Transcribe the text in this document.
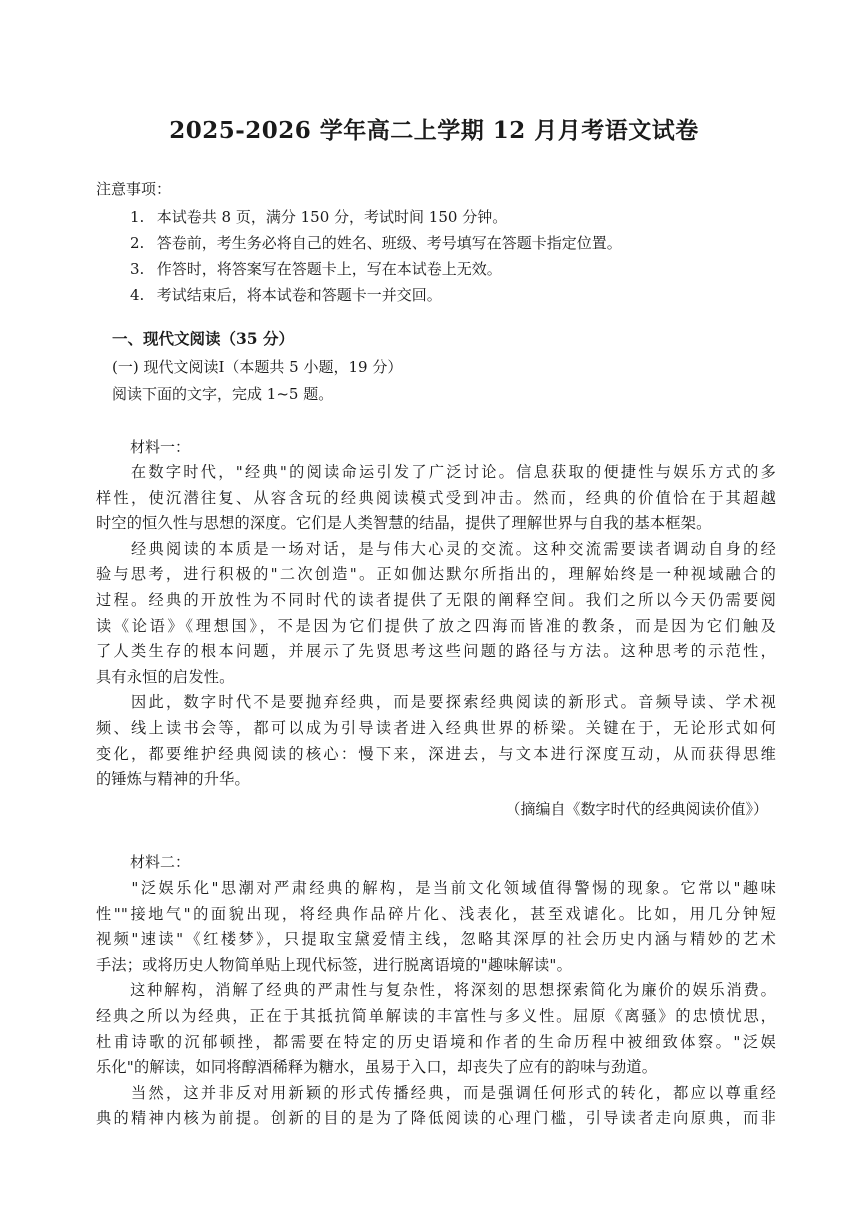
2025-2026 学年高二上学期 12 月月考语文试卷
注意事项：
1. 本试卷共 8 页，满分 150 分，考试时间 150 分钟。
2. 答卷前，考生务必将自己的姓名、班级、考号填写在答题卡指定位置。
3. 作答时，将答案写在答题卡上，写在本试卷上无效。
4. 考试结束后，将本试卷和答题卡一并交回。
一、现代文阅读（35 分）
(一) 现代文阅读Ⅰ（本题共 5 小题，19 分）
阅读下面的文字，完成 1~5 题。
材料一：
　　在数字时代，"经典"的阅读命运引发了广泛讨论。信息获取的便捷性与娱乐方式的多
样性，使沉潜往复、从容含玩的经典阅读模式受到冲击。然而，经典的价值恰在于其超越
时空的恒久性与思想的深度。它们是人类智慧的结晶，提供了理解世界与自我的基本框架。
　　经典阅读的本质是一场对话，是与伟大心灵的交流。这种交流需要读者调动自身的经
验与思考，进行积极的"二次创造"。正如伽达默尔所指出的，理解始终是一种视域融合的
过程。经典的开放性为不同时代的读者提供了无限的阐释空间。我们之所以今天仍需要阅
读《论语》《理想国》，不是因为它们提供了放之四海而皆准的教条，而是因为它们触及
了人类生存的根本问题，并展示了先贤思考这些问题的路径与方法。这种思考的示范性，
具有永恒的启发性。
　　因此，数字时代不是要抛弃经典，而是要探索经典阅读的新形式。音频导读、学术视
频、线上读书会等，都可以成为引导读者进入经典世界的桥梁。关键在于，无论形式如何
变化，都要维护经典阅读的核心：慢下来，深进去，与文本进行深度互动，从而获得思维
的锤炼与精神的升华。
（摘编自《数字时代的经典阅读价值》）
材料二：
　　"泛娱乐化"思潮对严肃经典的解构，是当前文化领域值得警惕的现象。它常以"趣味
性""接地气"的面貌出现，将经典作品碎片化、浅表化，甚至戏谑化。比如，用几分钟短
视频"速读"《红楼梦》，只提取宝黛爱情主线，忽略其深厚的社会历史内涵与精妙的艺术
手法；或将历史人物简单贴上现代标签，进行脱离语境的"趣味解读"。
　　这种解构，消解了经典的严肃性与复杂性，将深刻的思想探索简化为廉价的娱乐消费。
经典之所以为经典，正在于其抵抗简单解读的丰富性与多义性。屈原《离骚》的忠愤忧思，
杜甫诗歌的沉郁顿挫，都需要在特定的历史语境和作者的生命历程中被细致体察。"泛娱
乐化"的解读，如同将醇酒稀释为糖水，虽易于入口，却丧失了应有的韵味与劲道。
　　当然，这并非反对用新颖的形式传播经典，而是强调任何形式的转化，都应以尊重经
典的精神内核为前提。创新的目的是为了降低阅读的心理门槛，引导读者走向原典，而非
